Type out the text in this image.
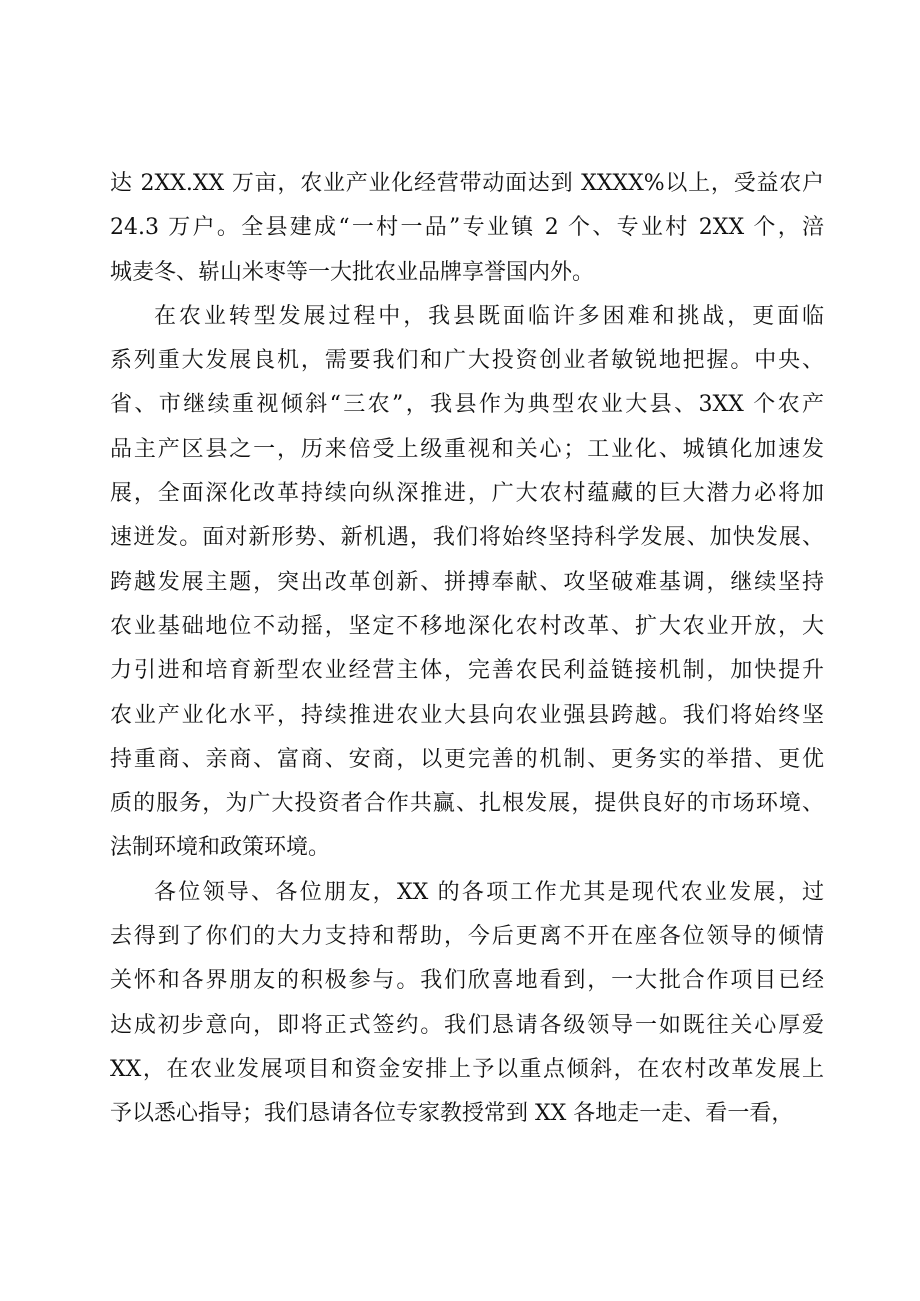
达 2XX.XX 万亩，农业产业化经营带动面达到 XXXX%以上，受益农户
24.3 万户。全县建成“一村一品”专业镇 2 个、专业村 2XX 个，涪
城麦冬、崭山米枣等一大批农业品牌享誉国内外。
在农业转型发展过程中，我县既面临许多困难和挑战，更面临
系列重大发展良机，需要我们和广大投资创业者敏锐地把握。中央、
省、市继续重视倾斜“三农”，我县作为典型农业大县、3XX 个农产
品主产区县之一，历来倍受上级重视和关心；工业化、城镇化加速发
展，全面深化改革持续向纵深推进，广大农村蕴藏的巨大潜力必将加
速迸发。面对新形势、新机遇，我们将始终坚持科学发展、加快发展、
跨越发展主题，突出改革创新、拼搏奉献、攻坚破难基调，继续坚持
农业基础地位不动摇，坚定不移地深化农村改革、扩大农业开放，大
力引进和培育新型农业经营主体，完善农民利益链接机制，加快提升
农业产业化水平，持续推进农业大县向农业强县跨越。我们将始终坚
持重商、亲商、富商、安商，以更完善的机制、更务实的举措、更优
质的服务，为广大投资者合作共赢、扎根发展，提供良好的市场环境、
法制环境和政策环境。
各位领导、各位朋友，XX 的各项工作尤其是现代农业发展，过
去得到了你们的大力支持和帮助，今后更离不开在座各位领导的倾情
关怀和各界朋友的积极参与。我们欣喜地看到，一大批合作项目已经
达成初步意向，即将正式签约。我们恳请各级领导一如既往关心厚爱
XX，在农业发展项目和资金安排上予以重点倾斜，在农村改革发展上
予以悉心指导；我们恳请各位专家教授常到 XX 各地走一走、看一看，
